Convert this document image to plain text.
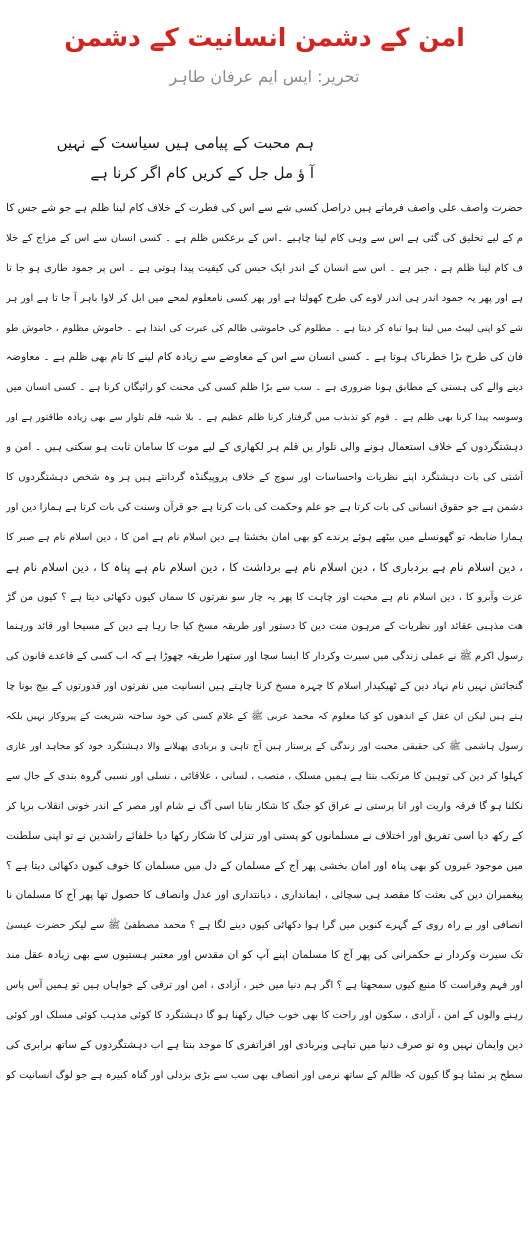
امن کے دشمن انسانیت کے دشمن
تحریر: ایس ایم عرفان طاہر
ہم محبت کے پیامی ہیں سیاست کے نہیں
آ ؤ مل جل کے کریں کام اگر کرنا ہے
حضرت واصف علی واصف فرماتے ہیں دراصل کسی شے سے اس کی فطرت کے خلاف کام لینا ظلم ہے جو شے جس کا
م کے لیے تخلیق کی گئی ہے اس سے وہی کام لینا چاہیے ۔اس کے برعکس ظلم ہے ۔ کسی انسان سے اس کے مزاج کے خلا
ف کام لینا ظلم ہے ، جبر ہے ۔ اس سے انسان کے اندر ایک حبس کی کیفیت پیدا ہوتی ہے ۔ اس پر جمود طاری ہو جا تا
ہے اور پھر یہ جمود اندر ہی اندر لاوے کی طرح کھولتا ہے اور پھر کسی نامعلوم لمحے میں ابل کر لاوا باہر آ جا تا ہے اور ہر
شے کو اپنی لپیٹ میں لیتا ہوا تباہ کر دیتا ہے ۔ مظلوم کی خاموشی ظالم کی عبرت کی ابتدا ہے ۔ خاموش مظلوم ، خاموش طو
فان کی طرح بڑا خطرناک ہوتا ہے ۔ کسی انسان سے اس کے معاوضے سے زیادہ کام لینے کا نام بھی ظلم ہے ۔ معاوضہ
دینے والے کی ہستی کے مطابق ہونا ضروری ہے ۔ سب سے بڑا ظلم کسی کی محنت کو رائیگاں کرنا ہے ۔ کسی انسان میں
وسوسہ پیدا کرنا بھی ظلم ہے ۔ قوم کو تذبذب میں گرفتار کرنا ظلم عظیم ہے ۔ بلا شبہ قلم تلوار سے بھی زیادہ طاقتور ہے اور
دہشتگردوں کے خلاف استعمال ہونے والی تلوار یں قلم ہر لکھاری کے لیے موت کا سامان ثابت ہو سکتی ہیں ۔ امن و
آشتی کی بات دہشتگرد اپنے نظریات واحساسات اور سوچ کے خلاف پروپیگنڈہ گردانتے ہیں ہر وہ شخص دہشتگردوں کا
دشمن ہے جو حقوق انسانی کی بات کرتا ہے جو علم وحکمت کی بات کرتا ہے جو قرآن وسنت کی بات کرتا ہے ہمارا دین اور
ہمارا ضابطہ تو گھونسلے میں بیٹھے ہوئے پرندے کو بھی امان بخشتا ہے دین اسلام نام ہے امن کا ، دین اسلام نام ہے صبر کا
، دین اسلام نام ہے بردباری کا ، دین اسلام نام ہے برداشت کا ، دین اسلام نام ہے پناہ کا ، دین اسلام نام ہے
عزت وآبرو کا ، دین اسلام نام ہے محبت اور چاہت کا پھر یہ چار سو نفرتوں کا سماں کیوں دکھائی دیتا ہے ؟ کیوں من گڑ
ھت مذہبی عقائد اور نظریات کے مرہون منت دین کا دستور اور طریقہ مسخ کیا جا رہا ہے دین کے مسیحا اور قائد ورہنما
رسول اکرم ﷺ نے عملی زندگی میں سیرت وکردار کا ایسا سچا اور ستھرا طریقہ چھوڑا ہے کہ اب کسی کے قاعدے قانون کی
گنجائش نہیں نام نہاد دین کے ٹھیکیدار اسلام کا چہرہ مسخ کرنا چاہتے ہیں انسانیت میں نفرتوں اور قدورتوں کے بیج بونا چا
ہتے ہیں لیکن ان عقل کے اندھوں کو کیا معلوم کہ محمد عربی ﷺ کے غلام کسی کی خود ساختہ شریعت کے پیروکار نہیں بلکہ
رسول ہاشمی ﷺ کی حقیقی محبت اور زندگی کے پرستار ہیں آج تاہی و بربادی پھیلانے والا دہشتگرد خود کو مجاہد اور غازی
کہلوا کر دین کی توہین کا مرتکب بنتا ہے ہمیں مسلک ، منصب ، لسانی ، علاقائی ، نسلی اور نسبی گروہ بندی کے جال سے
نکلنا ہو گا فرقہ واریت اور انا پرستی نے عراق کو جنگ کا شکار بنایا اسی آگ نے شام اور مصر کے اندر خونی انقلاب برپا کر
کے رکھ دیا اسی تفریق اور اختلاف نے مسلمانوں کو پستی اور تنزلی کا شکار رکھا دیا خلفائے راشدین نے تو اپنی سلطنت
میں موجود غیروں کو بھی پناہ اور امان بخشی پھر آج کے مسلمان کے دل میں مسلمان کا خوف کیوں دکھائی دیتا ہے ؟
پیغمبران دین کی بعثت کا مقصد ہی سچائی ، ایمانداری ، دیانتداری اور عدل وانصاف کا حصول تھا پھر آج کا مسلمان نا
انصافی اور بے راہ روی کے گہرے کنویں میں گرا ہوا دکھائی کیوں دینے لگا ہے ؟ محمد مصطفیٰ ﷺ سے لیکر حضرت عیسیٰ
تک سیرت وکردار نے حکمرانی کی پھر آج کا مسلمان اپنے آپ کو ان مقدس اور معتبر ہستیوں سے بھی زیادہ عقل مند
اور فہم وفراست کا منبع کیوں سمجھتا ہے ؟ اگر ہم دنیا میں خیر ، آزادی ، امن اور ترقی کے خواہاں ہیں تو ہمیں آس پاس
رہنے والوں کے امن ، آزادی ، سکون اور راحت کا بھی خوب خیال رکھنا ہو گا دہشتگرد کا کوئی مذہب کوئی مسلک اور کوئی
دین وایمان نہیں وہ تو صرف دنیا میں تباہی وبربادی اور افراتفری کا موجد بنتا ہے اب دہشتگردوں کے ساتھ برابری کی
سطح پر نمٹنا ہو گا کیوں کہ ظالم کے ساتھ نرمی اور انصاف بھی سب سے بڑی بزدلی اور گناہ کبیرہ ہے جو لوگ انسانیت کو
